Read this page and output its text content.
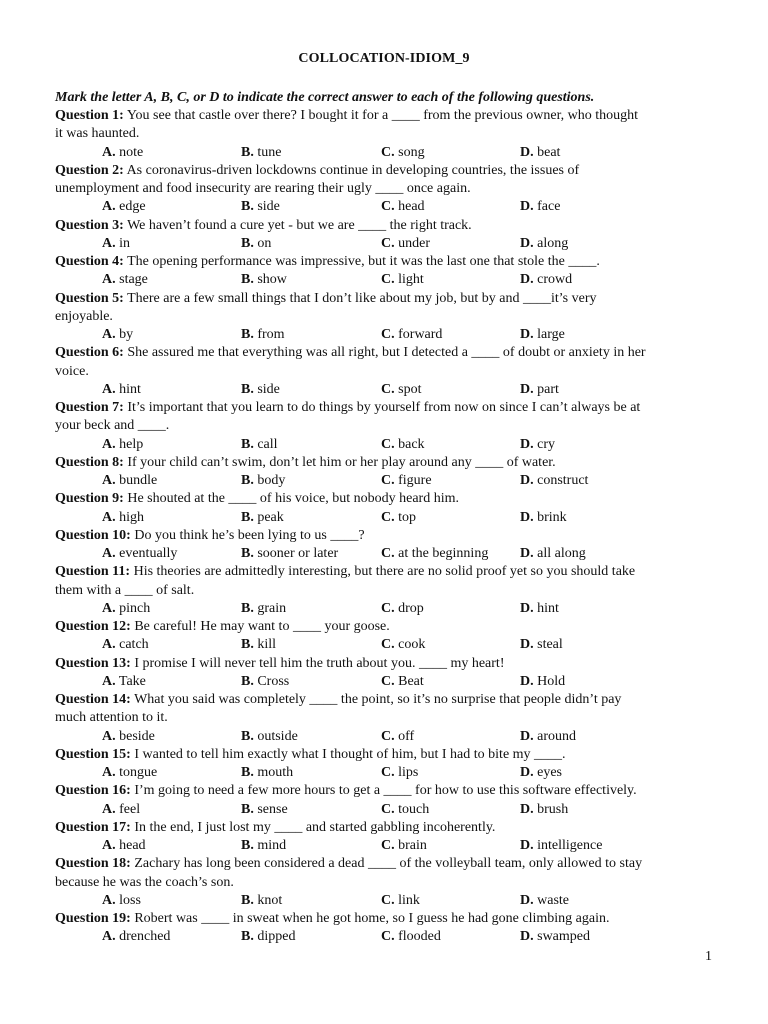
COLLOCATION-IDIOM_9
Mark the letter A, B, C, or D to indicate the correct answer to each of the following questions.
Question 1: You see that castle over there? I bought it for a ____ from the previous owner, who thought
it was haunted.
A. note	B. tune	C. song	D. beat
Question 2: As coronavirus-driven lockdowns continue in developing countries, the issues of
unemployment and food insecurity are rearing their ugly ____ once again.
A. edge	B. side	C. head	D. face
Question 3: We haven’t found a cure yet - but we are ____ the right track.
A. in	B. on	C. under	D. along
Question 4: The opening performance was impressive, but it was the last one that stole the ____.
A. stage	B. show	C. light	D. crowd
Question 5: There are a few small things that I don’t like about my job, but by and ____it’s very
enjoyable.
A. by	B. from	C. forward	D. large
Question 6: She assured me that everything was all right, but I detected a ____ of doubt or anxiety in her
voice.
A. hint	B. side	C. spot	D. part
Question 7: It’s important that you learn to do things by yourself from now on since I can’t always be at
your beck and ____.
A. help	B. call	C. back	D. cry
Question 8: If your child can’t swim, don’t let him or her play around any ____ of water.
A. bundle	B. body	C. figure	D. construct
Question 9: He shouted at the ____ of his voice, but nobody heard him.
A. high	B. peak	C. top	D. brink
Question 10: Do you think he’s been lying to us ____?
A. eventually	B. sooner or later	C. at the beginning D. all along
Question 11: His theories are admittedly interesting, but there are no solid proof yet so you should take
them with a ____ of salt.
A. pinch	B. grain	C. drop	D. hint
Question 12: Be careful! He may want to ____ your goose.
A. catch	B. kill	C. cook	D. steal
Question 13: I promise I will never tell him the truth about you. ____ my heart!
A. Take	B. Cross	C. Beat	D. Hold
Question 14: What you said was completely ____ the point, so it’s no surprise that people didn’t pay
much attention to it.
A. beside	B. outside	C. off	D. around
Question 15: I wanted to tell him exactly what I thought of him, but I had to bite my ____.
A. tongue	B. mouth	C. lips	D. eyes
Question 16: I’m going to need a few more hours to get a ____ for how to use this software effectively.
A. feel	B. sense	C. touch	D. brush
Question 17: In the end, I just lost my ____ and started gabbling incoherently.
A. head	B. mind	C. brain	D. intelligence
Question 18: Zachary has long been considered a dead ____ of the volleyball team, only allowed to stay
because he was the coach’s son.
A. loss	B. knot	C. link	D. waste
Question 19: Robert was ____ in sweat when he got home, so I guess he had gone climbing again.
A. drenched	B. dipped	C. flooded	D. swamped
1
